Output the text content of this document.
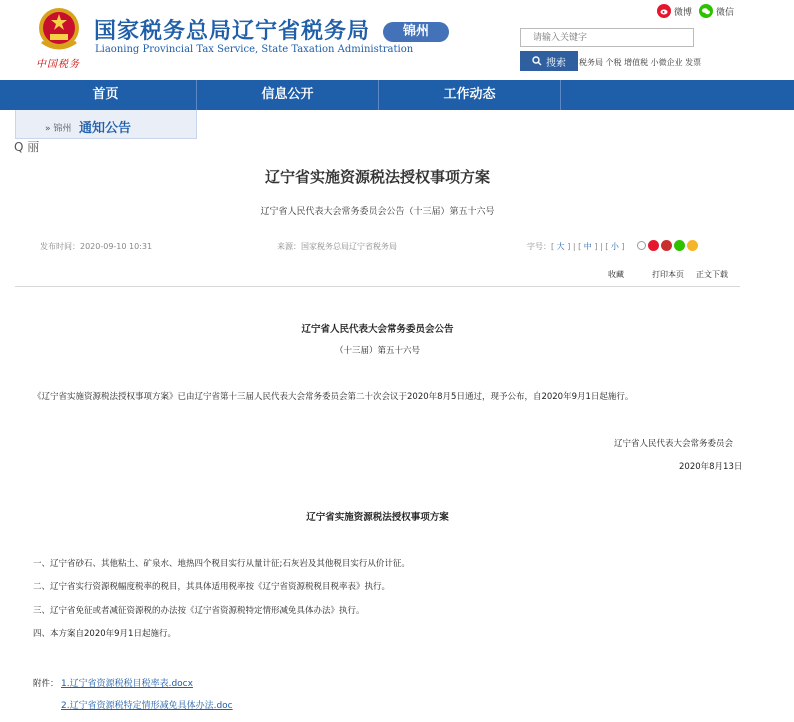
中国税务
国家税务总局辽宁省税务局
Liaoning Provincial Tax Service, State Taxation Administration
锦州
微博	微信
请输入关键字
搜索 税务局 个税 增值税 小微企业 发票
首页	信息公开	工作动态
» 锦州 通知公告
Q 丽
辽宁省实施资源税法授权事项方案
辽宁省人民代表大会常务委员会公告（十三届）第五十六号
发布时间：2020-09-10 10:31	来源：国家税务总局辽宁省税务局	字号：[ 大 ] | [ 中 ] | [ 小 ]
收藏	打印本页 正文下载
辽宁省人民代表大会常务委员会公告
（十三届）第五十六号
《辽宁省实施资源税法授权事项方案》已由辽宁省第十三届人民代表大会常务委员会第二十次会议于2020年8月5日通过，现予公布，自2020年9月1日起施行。
辽宁省人民代表大会常务委员会
2020年8月13日
辽宁省实施资源税法授权事项方案
一、辽宁省砂石、其他粘土、矿泉水、地热四个税目实行从量计征;石灰岩及其他税目实行从价计征。
二、辽宁省实行资源税幅度税率的税目，其具体适用税率按《辽宁省资源税税目税率表》执行。
三、辽宁省免征或者减征资源税的办法按《辽宁省资源税特定情形减免具体办法》执行。
四、本方案自2020年9月1日起施行。
附件： 1.辽宁省资源税税目税率表.docx
2.辽宁省资源税特定情形减免具体办法.doc
